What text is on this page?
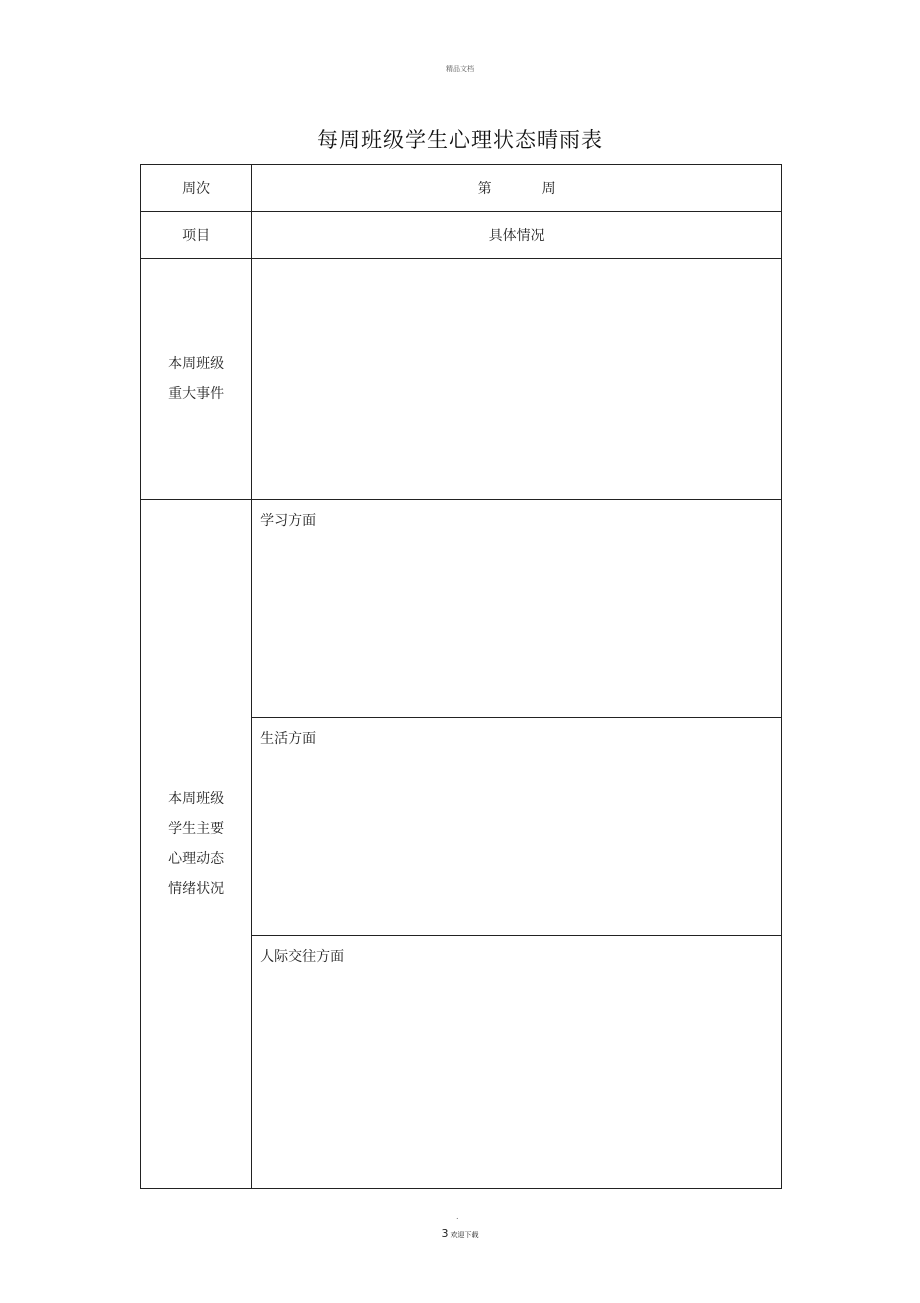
精品文档
每周班级学生心理状态晴雨表
周次	第 周
项目	具体情况

本周班级
重大事件	

本周班级
学生主要
心理动态
情绪状况	学习方面
	生活方面
	人际交往方面
.
3 欢迎下载
